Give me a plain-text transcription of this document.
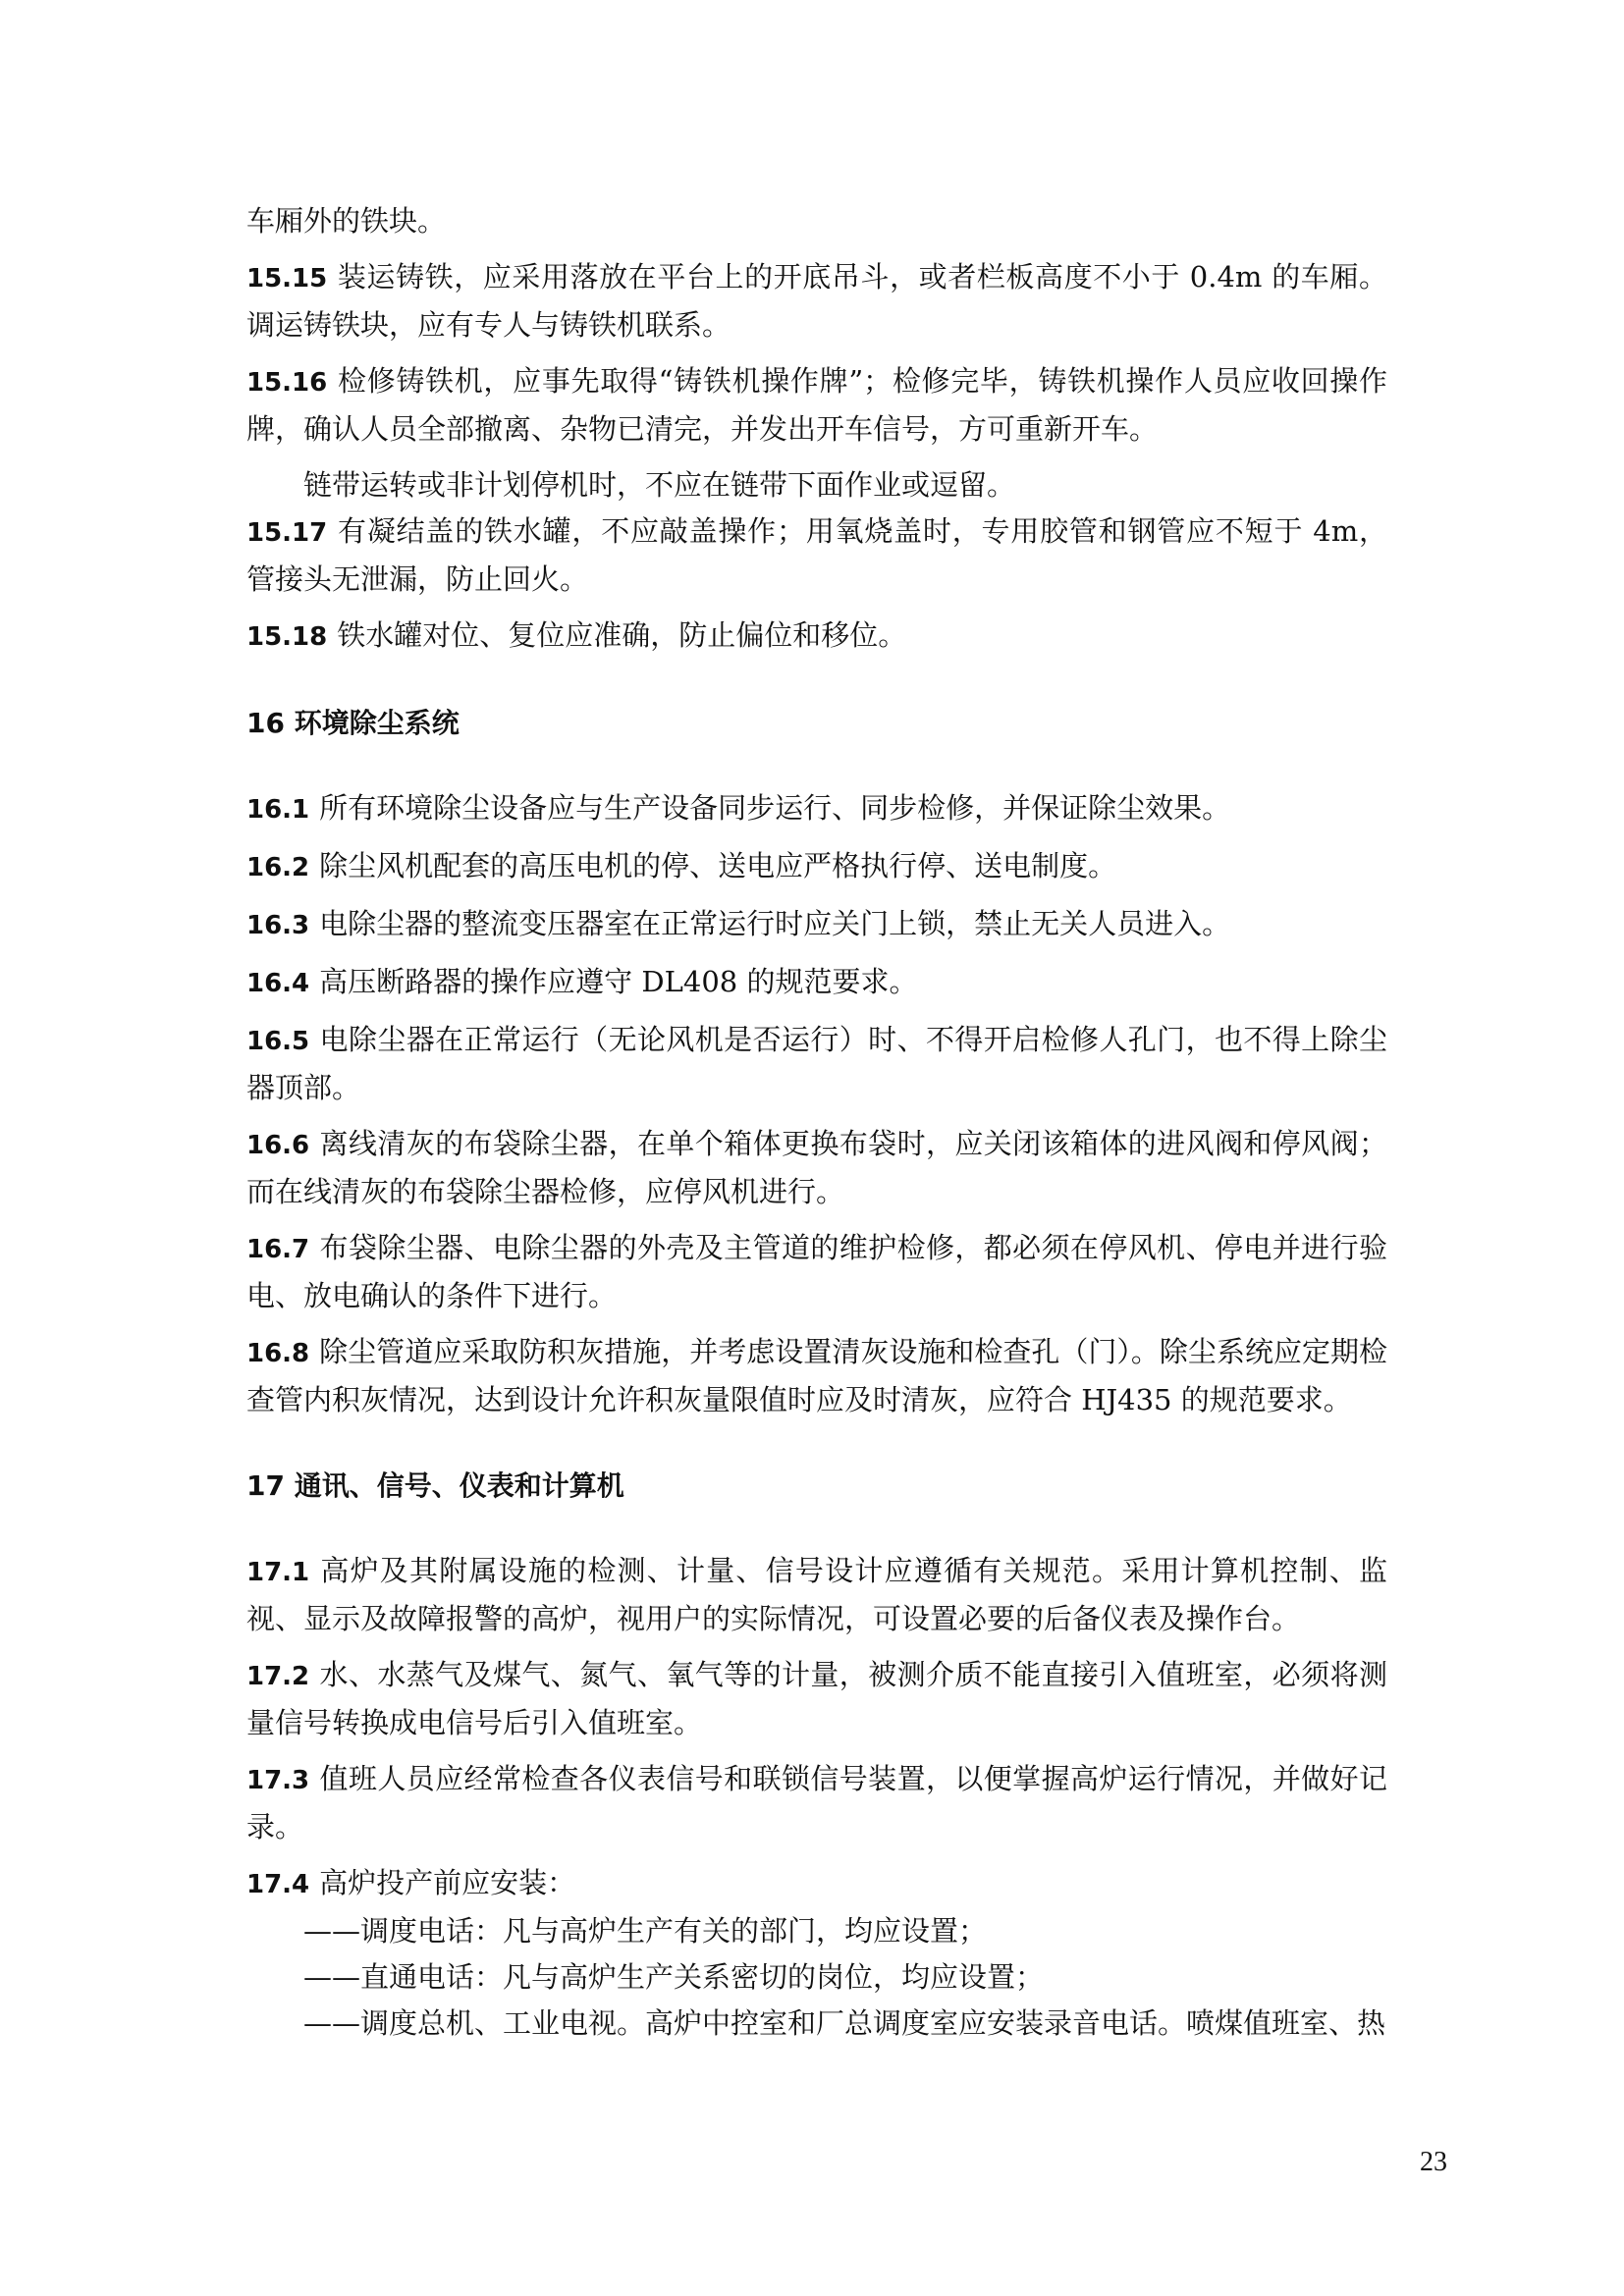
车厢外的铁块。
15.15 装运铸铁，应采用落放在平台上的开底吊斗，或者栏板高度不小于 0.4m 的车厢。调运铸铁块，应有专人与铸铁机联系。
15.16 检修铸铁机，应事先取得“铸铁机操作牌”；检修完毕，铸铁机操作人员应收回操作牌，确认人员全部撤离、杂物已清完，并发出开车信号，方可重新开车。

链带运转或非计划停机时，不应在链带下面作业或逗留。

15.17 有凝结盖的铁水罐，不应敲盖操作；用氧烧盖时，专用胶管和钢管应不短于 4m，管接头无泄漏，防止回火。
15.18 铁水罐对位、复位应准确，防止偏位和移位。
16 环境除尘系统
16.1 所有环境除尘设备应与生产设备同步运行、同步检修，并保证除尘效果。
16.2 除尘风机配套的高压电机的停、送电应严格执行停、送电制度。
16.3 电除尘器的整流变压器室在正常运行时应关门上锁，禁止无关人员进入。
16.4 高压断路器的操作应遵守 DL408 的规范要求。
16.5 电除尘器在正常运行（无论风机是否运行）时、不得开启检修人孔门，也不得上除尘器顶部。
16.6 离线清灰的布袋除尘器，在单个箱体更换布袋时，应关闭该箱体的进风阀和停风阀；而在线清灰的布袋除尘器检修，应停风机进行。
16.7 布袋除尘器、电除尘器的外壳及主管道的维护检修，都必须在停风机、停电并进行验电、放电确认的条件下进行。
16.8 除尘管道应采取防积灰措施，并考虑设置清灰设施和检查孔（门）。除尘系统应定期检查管内积灰情况，达到设计允许积灰量限值时应及时清灰，应符合 HJ435 的规范要求。
17 通讯、信号、仪表和计算机
17.1 高炉及其附属设施的检测、计量、信号设计应遵循有关规范。采用计算机控制、监视、显示及故障报警的高炉，视用户的实际情况，可设置必要的后备仪表及操作台。
17.2 水、水蒸气及煤气、氮气、氧气等的计量，被测介质不能直接引入值班室，必须将测量信号转换成电信号后引入值班室。
17.3 值班人员应经常检查各仪表信号和联锁信号装置，以便掌握高炉运行情况，并做好记录。
17.4 高炉投产前应安装：
——调度电话：凡与高炉生产有关的部门，均应设置；
——直通电话：凡与高炉生产关系密切的岗位，均应设置；
——调度总机、工业电视。高炉中控室和厂总调度室应安装录音电话。喷煤值班室、热
23
